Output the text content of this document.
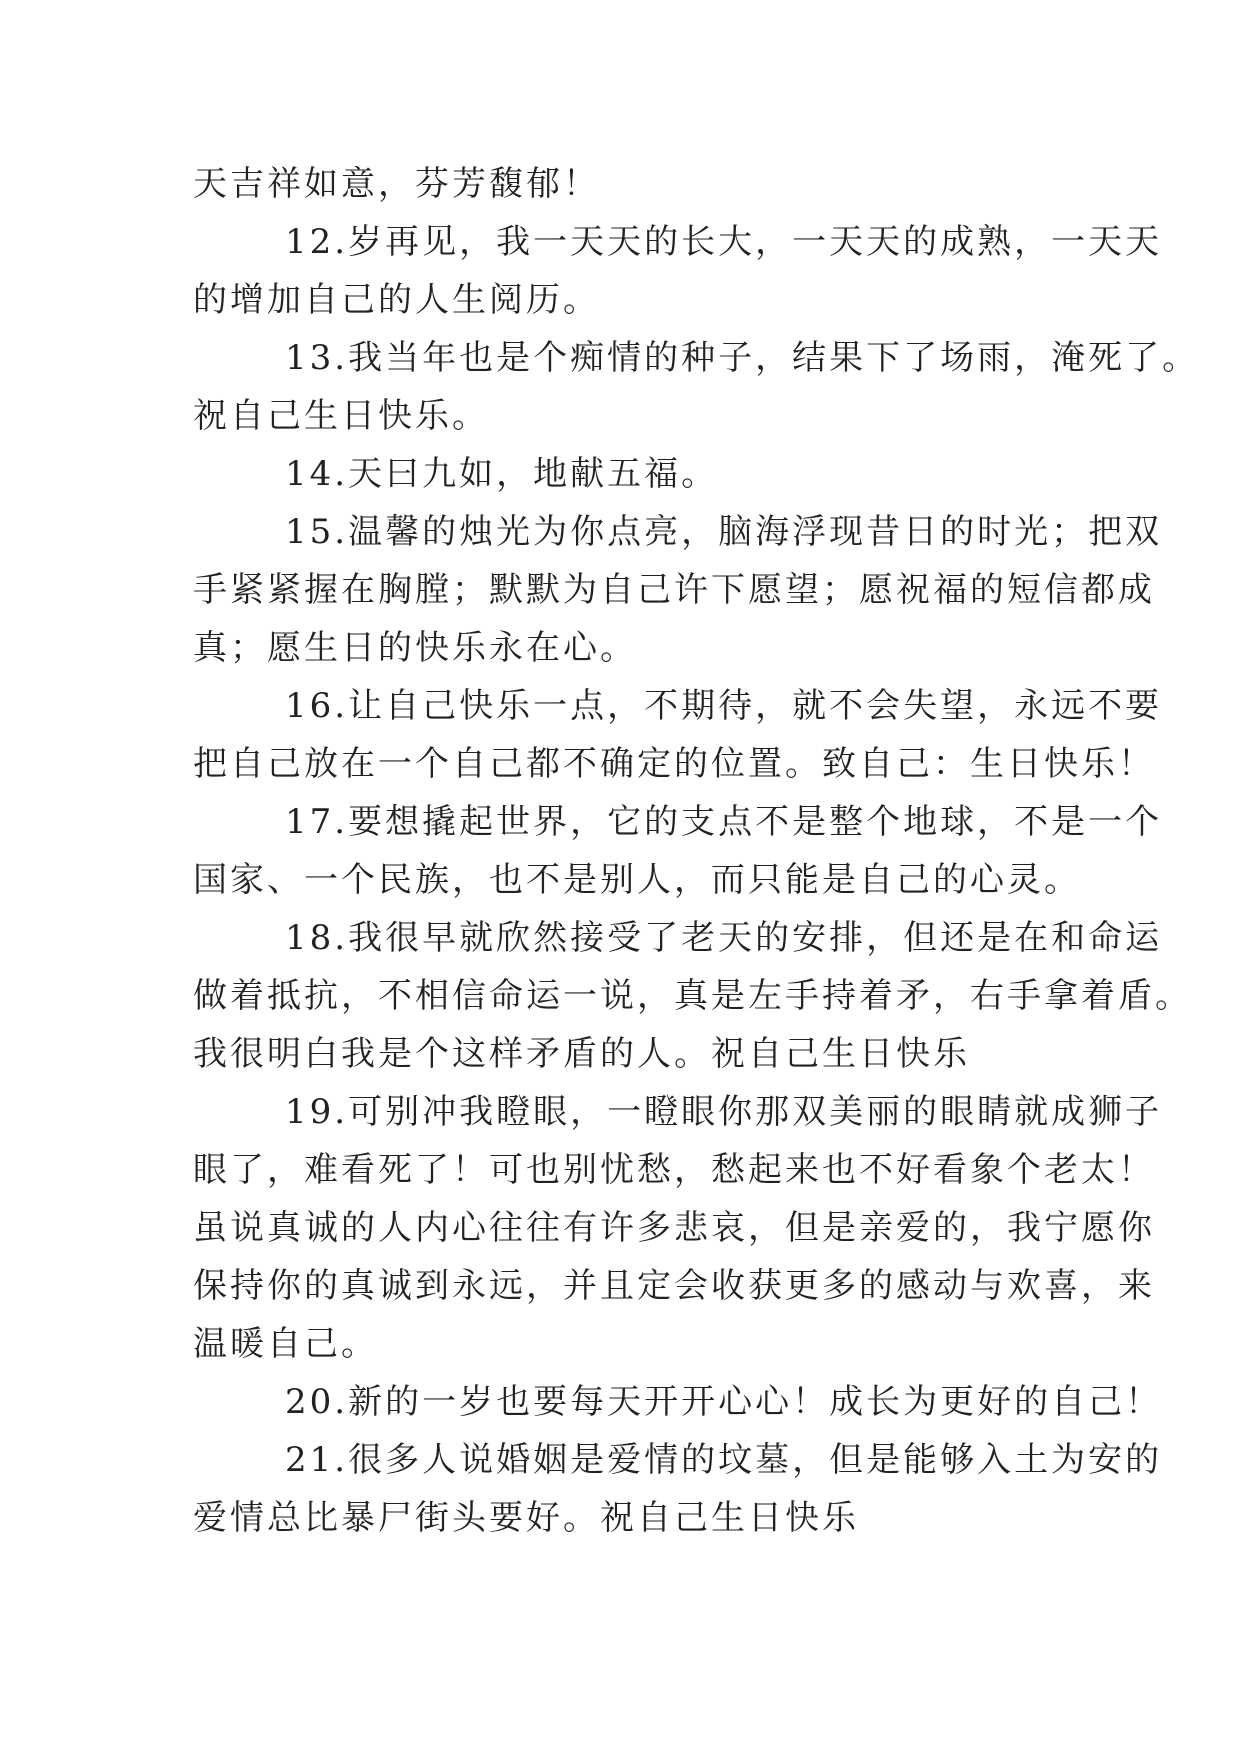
天吉祥如意，芬芳馥郁！
12.岁再见，我一天天的长大，一天天的成熟，一天天
的增加自己的人生阅历。
13.我当年也是个痴情的种子，结果下了场雨，淹死了。
祝自己生日快乐。
14.天曰九如，地献五福。
15.温馨的烛光为你点亮，脑海浮现昔日的时光；把双
手紧紧握在胸膛；默默为自己许下愿望；愿祝福的短信都成
真；愿生日的快乐永在心。
16.让自己快乐一点，不期待，就不会失望，永远不要
把自己放在一个自己都不确定的位置。致自己：生日快乐！
17.要想撬起世界，它的支点不是整个地球，不是一个
国家、一个民族，也不是别人，而只能是自己的心灵。
18.我很早就欣然接受了老天的安排，但还是在和命运
做着抵抗，不相信命运一说，真是左手持着矛，右手拿着盾。
我很明白我是个这样矛盾的人。祝自己生日快乐
19.可别冲我瞪眼，一瞪眼你那双美丽的眼睛就成狮子
眼了，难看死了！可也别忧愁，愁起来也不好看象个老太！
虽说真诚的人内心往往有许多悲哀，但是亲爱的，我宁愿你
保持你的真诚到永远，并且定会收获更多的感动与欢喜，来
温暖自己。
20.新的一岁也要每天开开心心！成长为更好的自己！
21.很多人说婚姻是爱情的坟墓，但是能够入土为安的
爱情总比暴尸街头要好。祝自己生日快乐
